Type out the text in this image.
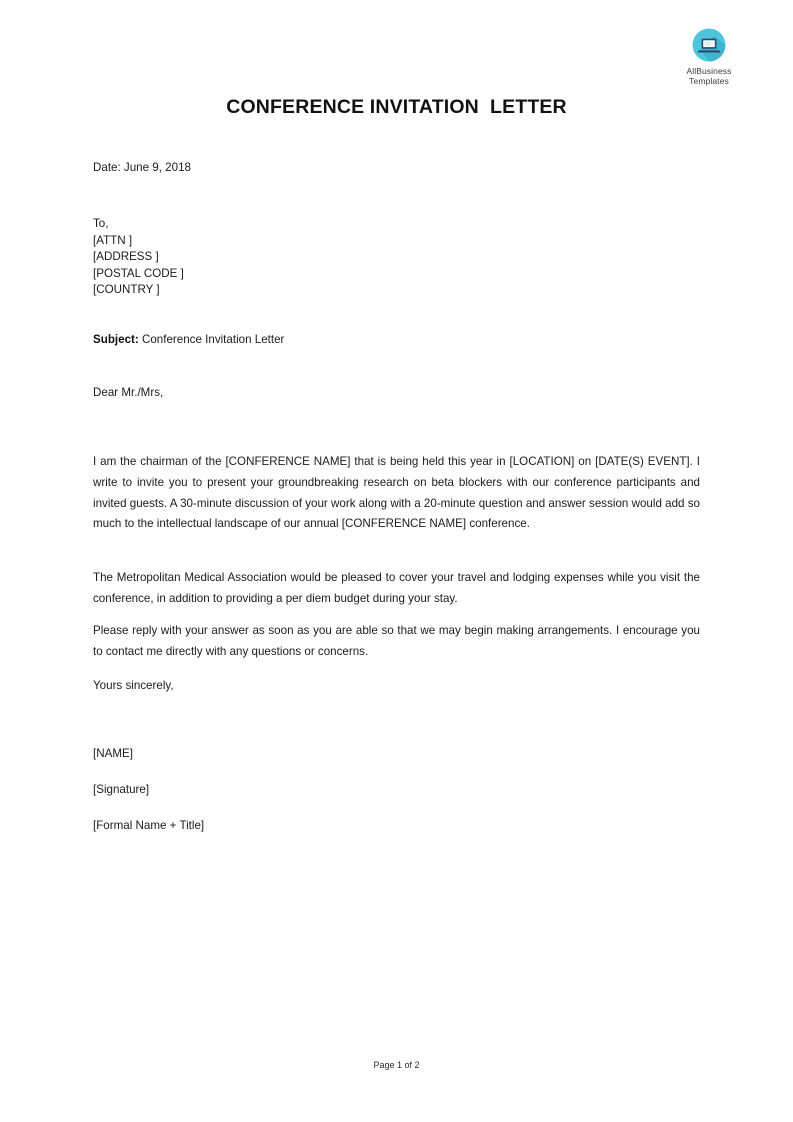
AllBusiness
Templates
CONFERENCE INVITATION  LETTER
Date: June 9, 2018
To,
[ATTN ]
[ADDRESS ]
[POSTAL CODE ]
[COUNTRY ]
Subject: Conference Invitation Letter
Dear Mr./Mrs,
I am the chairman of the [CONFERENCE NAME] that is being held this year in [LOCATION] on [DATE(S) EVENT]. I write to invite you to present your groundbreaking research on beta blockers with our conference participants and invited guests. A 30-minute discussion of your work along with a 20-minute question and answer session would add so much to the intellectual landscape of our annual [CONFERENCE NAME] conference.
The Metropolitan Medical Association would be pleased to cover your travel and lodging expenses while you visit the conference, in addition to providing a per diem budget during your stay.
Please reply with your answer as soon as you are able so that we may begin making arrangements. I encourage you to contact me directly with any questions or concerns.
Yours sincerely,
[NAME]
[Signature]
[Formal Name + Title]
Page 1 of 2
